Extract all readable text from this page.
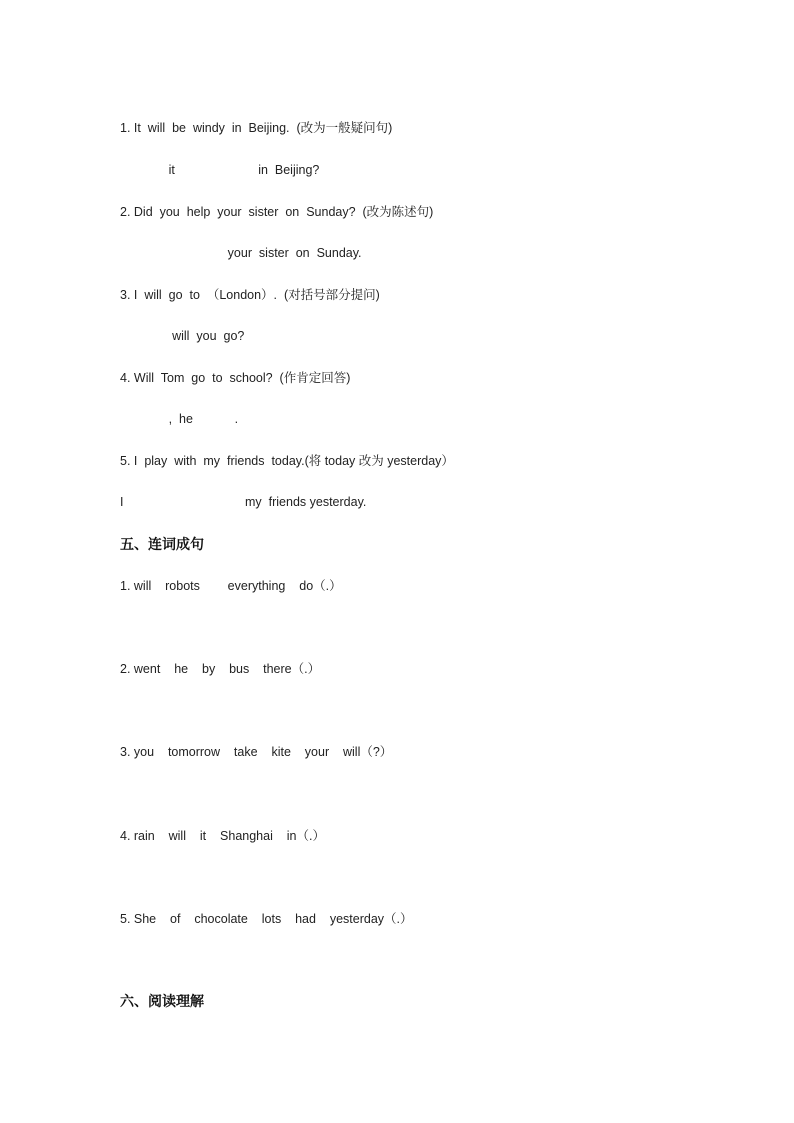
1. It  will  be  windy  in  Beijing.  (改为一般疑问句)
it                        in  Beijing?
2. Did  you  help  your  sister  on  Sunday?  (改为陈述句)
your  sister  on  Sunday.
3. I  will  go  to  （London）.  (对括号部分提问)
will  you  go?
4. Will  Tom  go  to  school?  (作肯定回答)
,  he            .
5. I  play  with  my  friends  today.(将 today 改为 yesterday）
I                                   my  friends yesterday.
五、连词成句
1. will    robots        everything    do（.）
2. went    he    by    bus    there（.）
3. you    tomorrow    take    kite    your    will（?）
4. rain    will    it    Shanghai    in（.）
5. She    of    chocolate    lots    had    yesterday（.）
六、阅读理解
